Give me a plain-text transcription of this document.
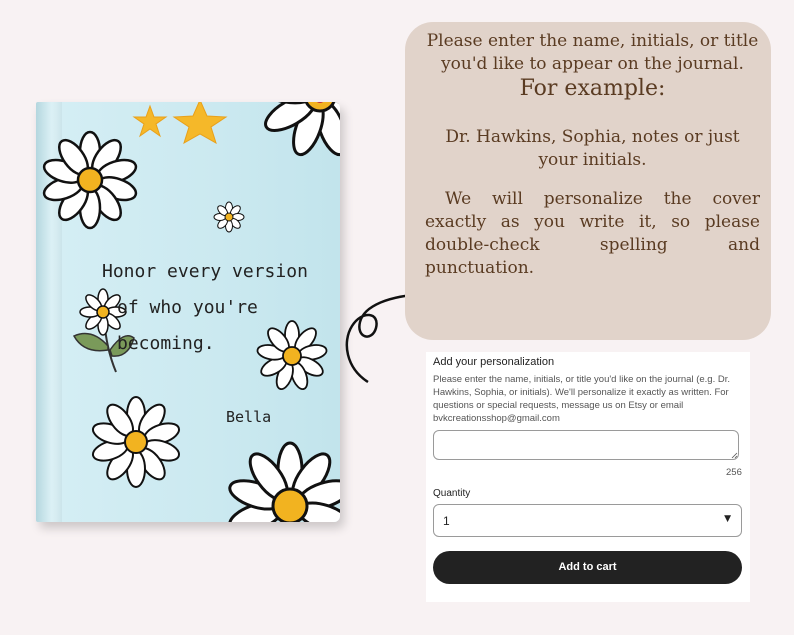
Honor every version
of who you're
becoming.
Bella
Please enter the name, initials, or title
you'd like to appear on the journal.
For example:
Dr. Hawkins, Sophia, notes or just
your initials.
We will personalize the cover
exactly as you write it, so please
double-check spelling and
punctuation.
Add your personalization
Please enter the name, initials, or title you'd like on the journal (e.g. Dr. Hawkins, Sophia, or initials). We'll personalize it exactly as written. For questions or special requests, message us on Etsy or email bvkcreationsshop@gmail.com
256
Quantity
1	▼
Add to cart
